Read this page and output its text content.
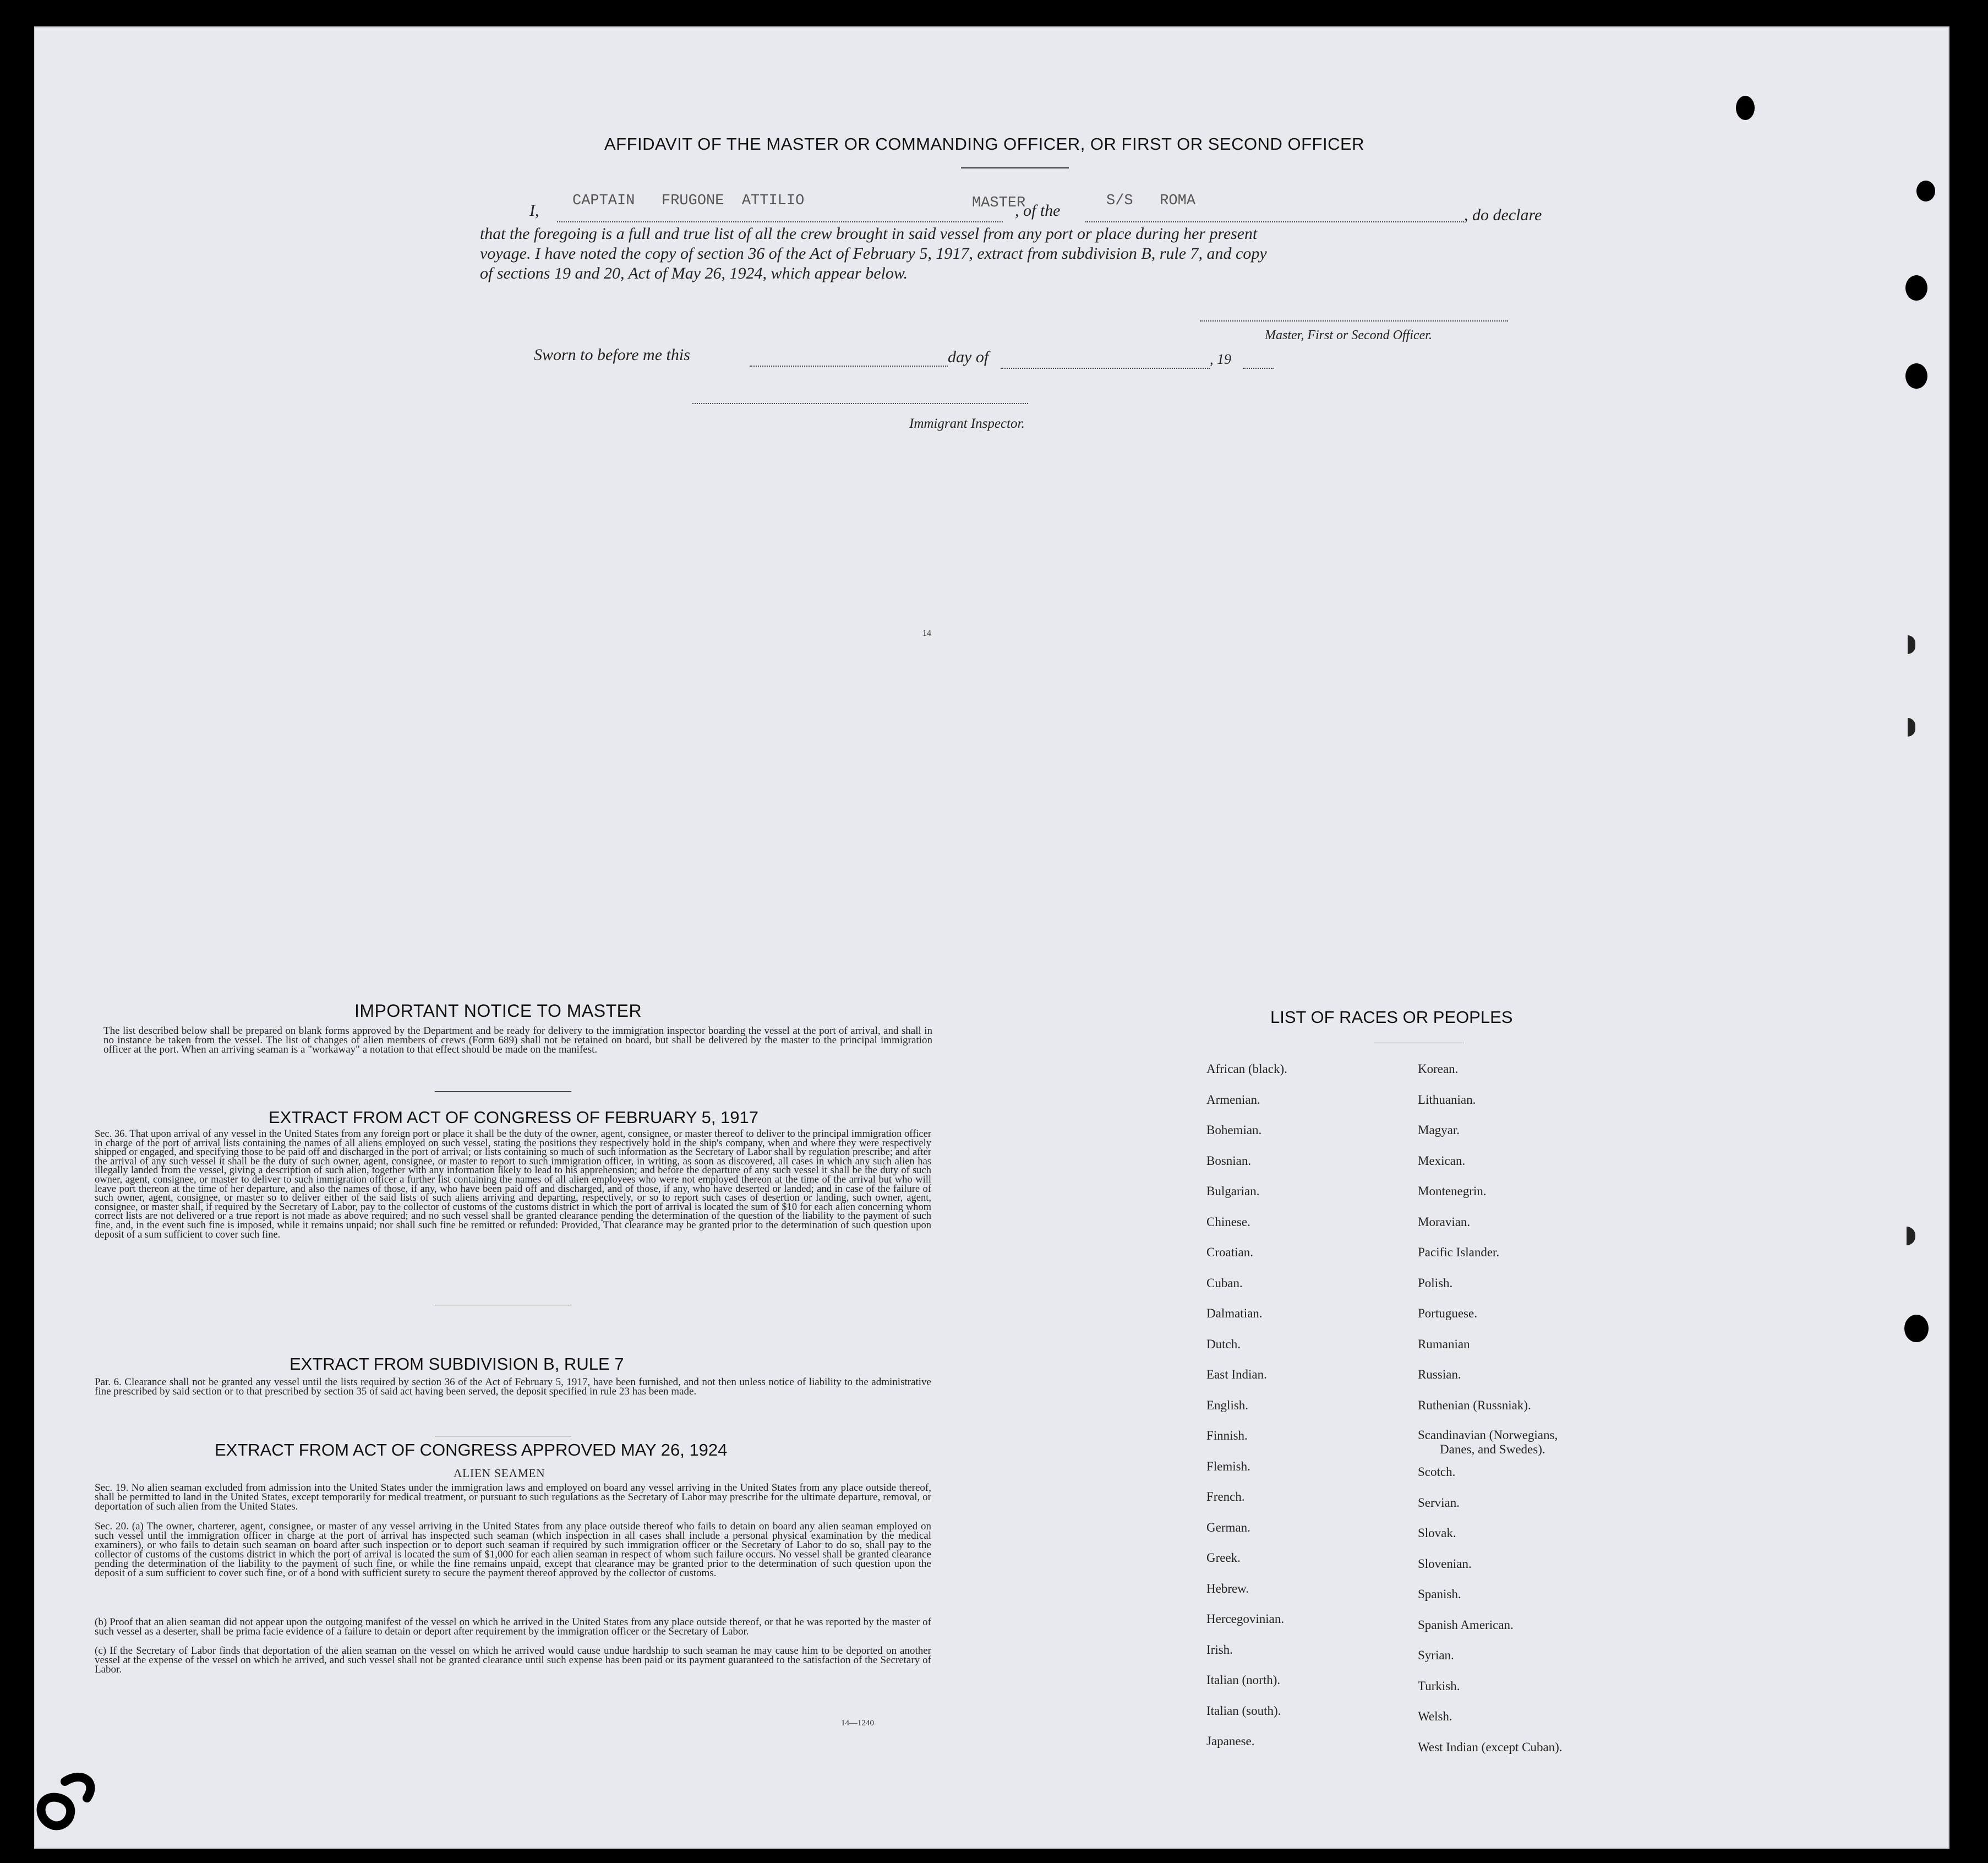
AFFIDAVIT OF THE MASTER OR COMMANDING OFFICER, OR FIRST OR SECOND OFFICER
I,
CAPTAIN   FRUGONE  ATTILIO	MASTER
, of the
S/S   ROMA
, do declare
that the foregoing is a full and true list of all the crew brought in said vessel from any port or place during her present
voyage. I have noted the copy of section 36 of the Act of February 5, 1917, extract from subdivision B, rule 7, and copy
of sections 19 and 20, Act of May 26, 1924, which appear below.
Master, First or Second Officer.
Sworn to before me this	day of	, 19
Immigrant Inspector.
14
IMPORTANT NOTICE TO MASTER
The list described below shall be prepared on blank forms approved by the Department and be ready for delivery to the immigration inspector boarding the vessel at the port of arrival, and shall in no instance be taken from the vessel. The list of changes of alien members of crews (Form 689) shall not be retained on board, but shall be delivered by the master to the principal immigration officer at the port. When an arriving seaman is a "workaway" a notation to that effect should be made on the manifest.
EXTRACT FROM ACT OF CONGRESS OF FEBRUARY 5, 1917
Sec. 36. That upon arrival of any vessel in the United States from any foreign port or place it shall be the duty of the owner, agent, consignee, or master thereof to deliver to the principal immigration officer in charge of the port of arrival lists containing the names of all aliens employed on such vessel, stating the positions they respectively hold in the ship's company, when and where they were respectively shipped or engaged, and specifying those to be paid off and discharged in the port of arrival; or lists containing so much of such information as the Secretary of Labor shall by regulation prescribe; and after the arrival of any such vessel it shall be the duty of such owner, agent, consignee, or master to report to such immigration officer, in writing, as soon as discovered, all cases in which any such alien has illegally landed from the vessel, giving a description of such alien, together with any information likely to lead to his apprehension; and before the departure of any such vessel it shall be the duty of such owner, agent, consignee, or master to deliver to such immigration officer a further list containing the names of all alien employees who were not employed thereon at the time of the arrival but who will leave port thereon at the time of her departure, and also the names of those, if any, who have been paid off and discharged, and of those, if any, who have deserted or landed; and in case of the failure of such owner, agent, consignee, or master so to deliver either of the said lists of such aliens arriving and departing, respectively, or so to report such cases of desertion or landing, such owner, agent, consignee, or master shall, if required by the Secretary of Labor, pay to the collector of customs of the customs district in which the port of arrival is located the sum of $10 for each alien concerning whom correct lists are not delivered or a true report is not made as above required; and no such vessel shall be granted clearance pending the determination of the question of the liability to the payment of such fine, and, in the event such fine is imposed, while it remains unpaid; nor shall such fine be remitted or refunded: Provided, That clearance may be granted prior to the determination of such question upon deposit of a sum sufficient to cover such fine.
EXTRACT FROM SUBDIVISION B, RULE 7
Par. 6. Clearance shall not be granted any vessel until the lists required by section 36 of the Act of February 5, 1917, have been furnished, and not then unless notice of liability to the administrative fine prescribed by said section or to that prescribed by section 35 of said act having been served, the deposit specified in rule 23 has been made.
EXTRACT FROM ACT OF CONGRESS APPROVED MAY 26, 1924
ALIEN SEAMEN
Sec. 19. No alien seaman excluded from admission into the United States under the immigration laws and employed on board any vessel arriving in the United States from any place outside thereof, shall be permitted to land in the United States, except temporarily for medical treatment, or pursuant to such regulations as the Secretary of Labor may prescribe for the ultimate departure, removal, or deportation of such alien from the United States.
Sec. 20. (a) The owner, charterer, agent, consignee, or master of any vessel arriving in the United States from any place outside thereof who fails to detain on board any alien seaman employed on such vessel until the immigration officer in charge at the port of arrival has inspected such seaman (which inspection in all cases shall include a personal physical examination by the medical examiners), or who fails to detain such seaman on board after such inspection or to deport such seaman if required by such immigration officer or the Secretary of Labor to do so, shall pay to the collector of customs of the customs district in which the port of arrival is located the sum of $1,000 for each alien seaman in respect of whom such failure occurs. No vessel shall be granted clearance pending the determination of the liability to the payment of such fine, or while the fine remains unpaid, except that clearance may be granted prior to the determination of such question upon the deposit of a sum sufficient to cover such fine, or of a bond with sufficient surety to secure the payment thereof approved by the collector of customs.
(b) Proof that an alien seaman did not appear upon the outgoing manifest of the vessel on which he arrived in the United States from any place outside thereof, or that he was reported by the master of such vessel as a deserter, shall be prima facie evidence of a failure to detain or deport after requirement by the immigration officer or the Secretary of Labor.
(c) If the Secretary of Labor finds that deportation of the alien seaman on the vessel on which he arrived would cause undue hardship to such seaman he may cause him to be deported on another vessel at the expense of the vessel on which he arrived, and such vessel shall not be granted clearance until such expense has been paid or its payment guaranteed to the satisfaction of the Secretary of Labor.
14—1240
LIST OF RACES OR PEOPLES
African (black).
Armenian.
Bohemian.
Bosnian.
Bulgarian.
Chinese.
Croatian.
Cuban.
Dalmatian.
Dutch.
East Indian.
English.
Finnish.
Flemish.
French.
German.
Greek.
Hebrew.
Hercegovinian.
Irish.
Italian (north).
Italian (south).
Japanese.
Korean.
Lithuanian.
Magyar.
Mexican.
Montenegrin.
Moravian.
Pacific Islander.
Polish.
Portuguese.
Rumanian
Russian.
Ruthenian (Russniak).
Scandinavian (Norwegians,
Danes, and Swedes).
Scotch.
Servian.
Slovak.
Slovenian.
Spanish.
Spanish American.
Syrian.
Turkish.
Welsh.
West Indian (except Cuban).
